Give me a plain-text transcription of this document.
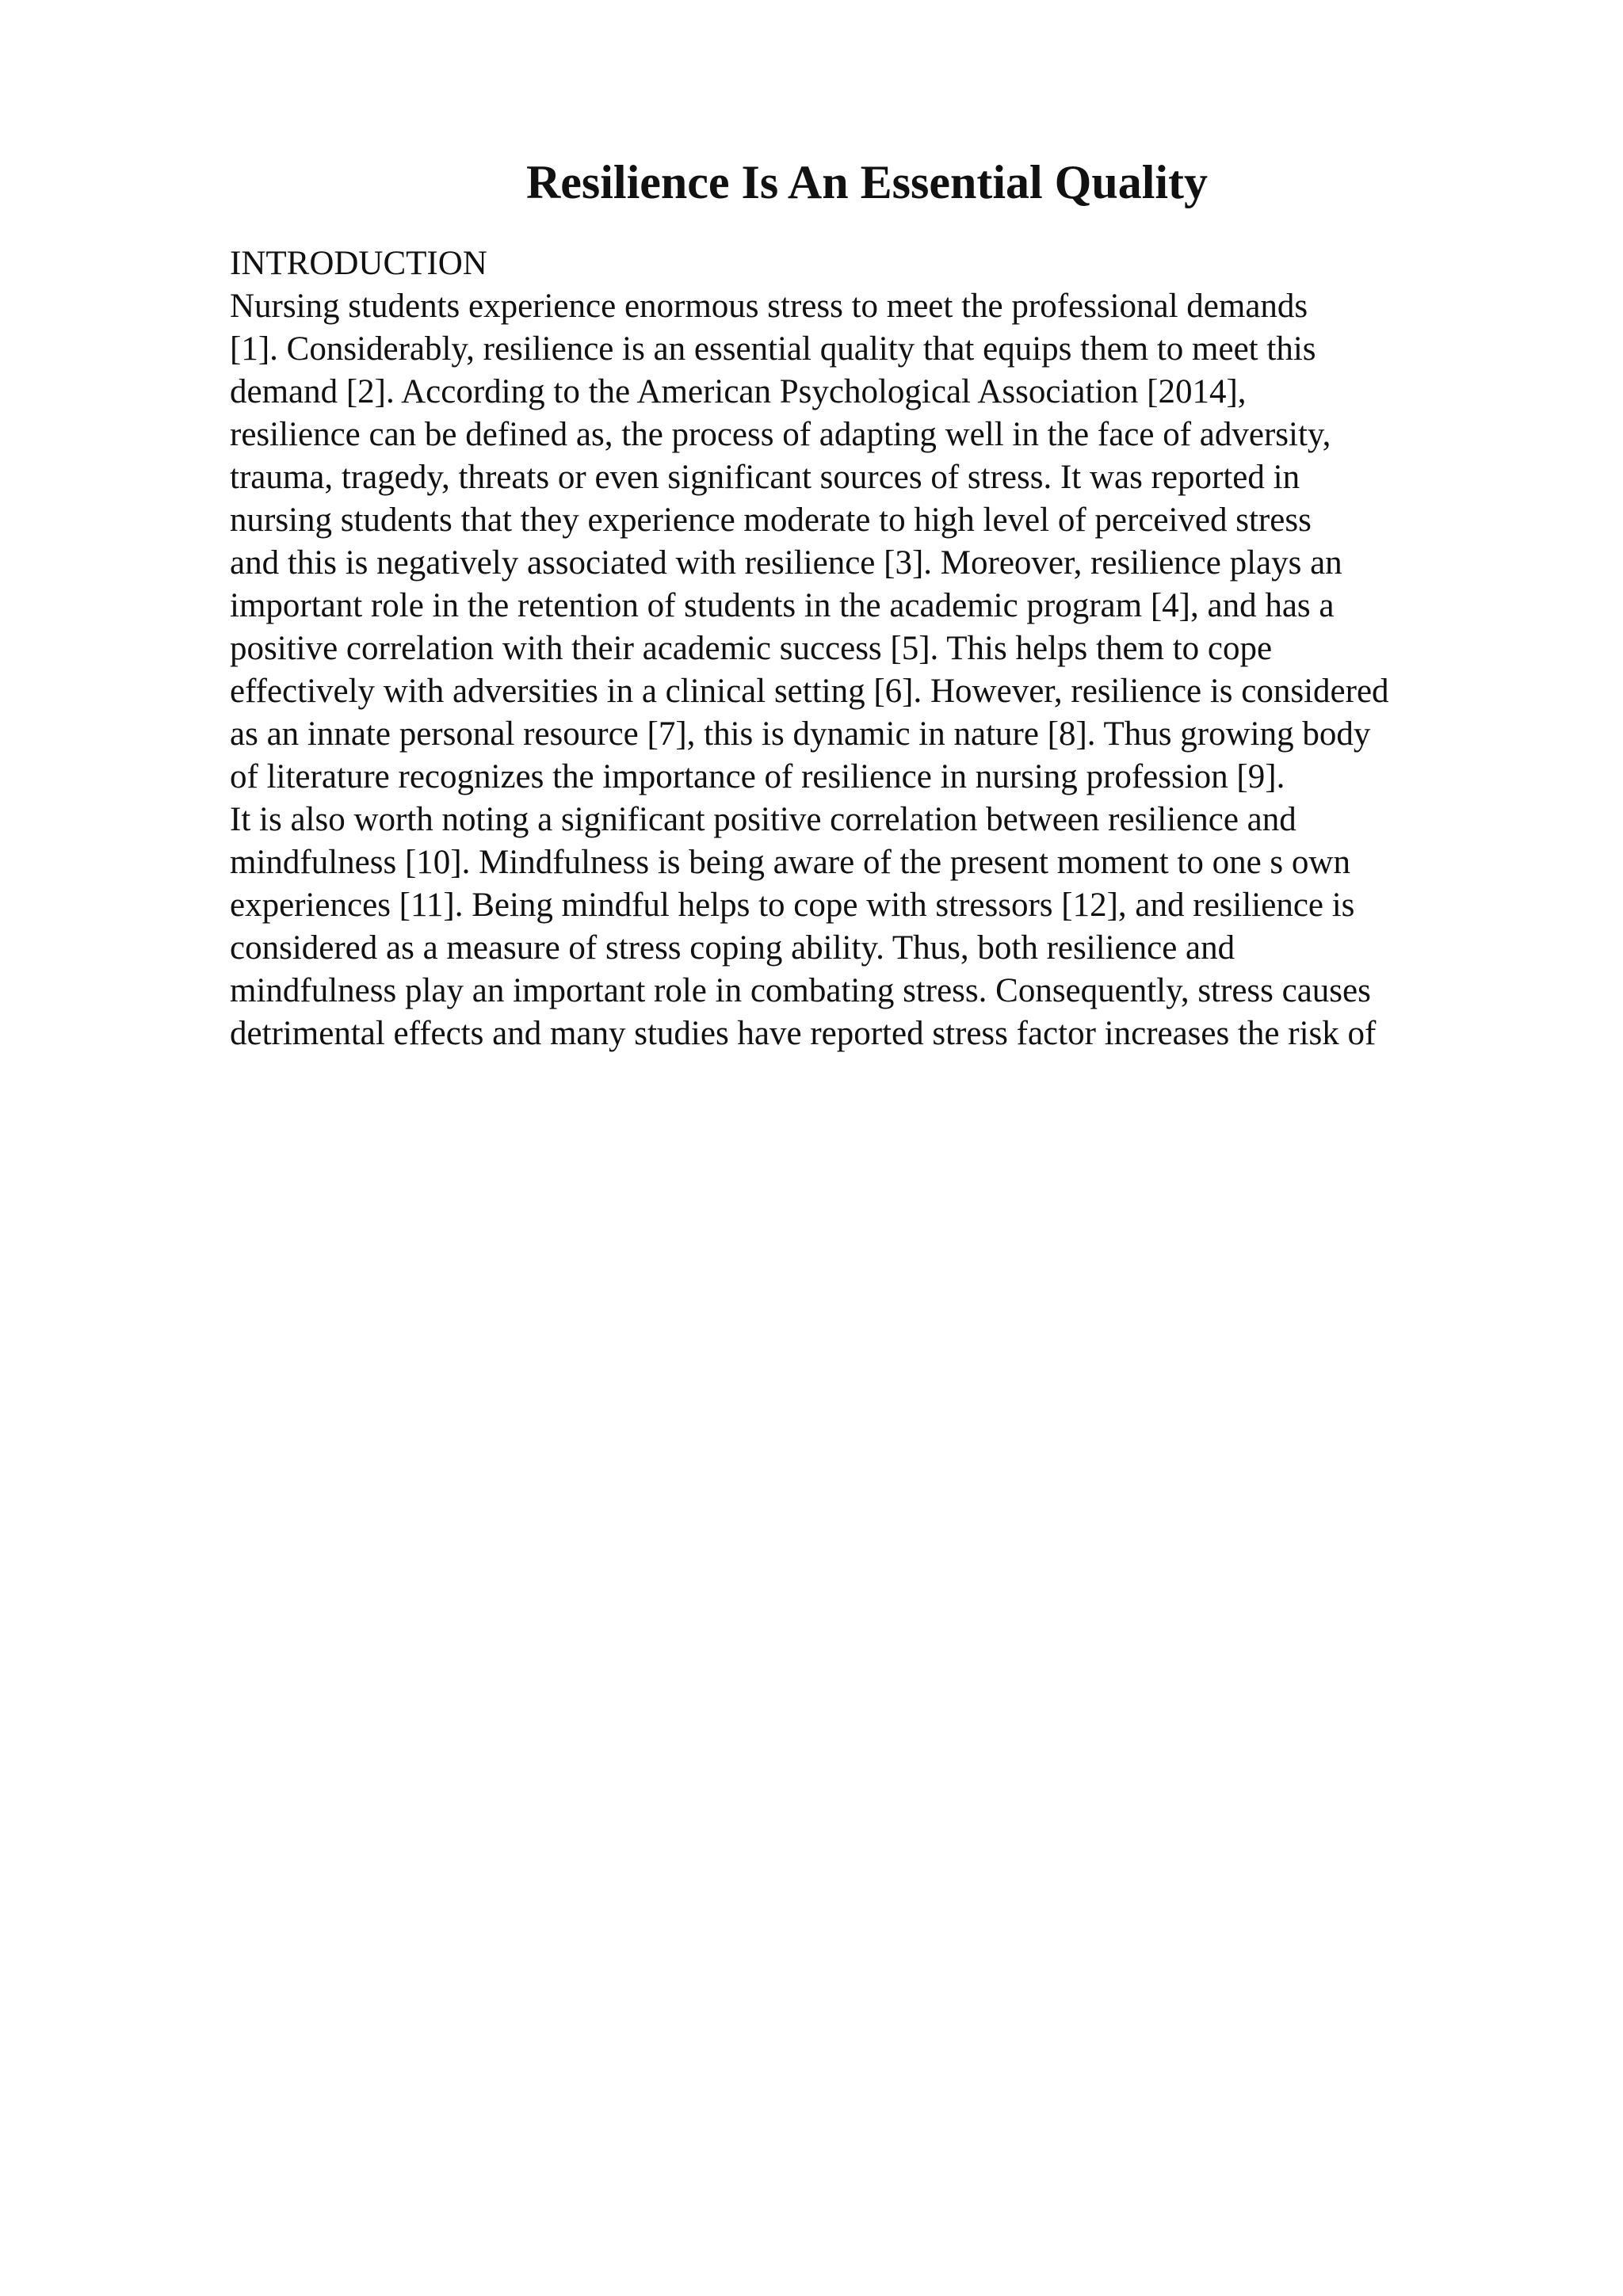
Resilience Is An Essential Quality
INTRODUCTION
Nursing students experience enormous stress to meet the professional demands
[1]. Considerably, resilience is an essential quality that equips them to meet this
demand [2]. According to the American Psychological Association [2014],
resilience can be defined as, the process of adapting well in the face of adversity,
trauma, tragedy, threats or even significant sources of stress. It was reported in
nursing students that they experience moderate to high level of perceived stress
and this is negatively associated with resilience [3]. Moreover, resilience plays an
important role in the retention of students in the academic program [4], and has a
positive correlation with their academic success [5]. This helps them to cope
effectively with adversities in a clinical setting [6]. However, resilience is considered
as an innate personal resource [7], this is dynamic in nature [8]. Thus growing body
of literature recognizes the importance of resilience in nursing profession [9].
It is also worth noting a significant positive correlation between resilience and
mindfulness [10]. Mindfulness is being aware of the present moment to one s own
experiences [11]. Being mindful helps to cope with stressors [12], and resilience is
considered as a measure of stress coping ability. Thus, both resilience and
mindfulness play an important role in combating stress. Consequently, stress causes
detrimental effects and many studies have reported stress factor increases the risk of
